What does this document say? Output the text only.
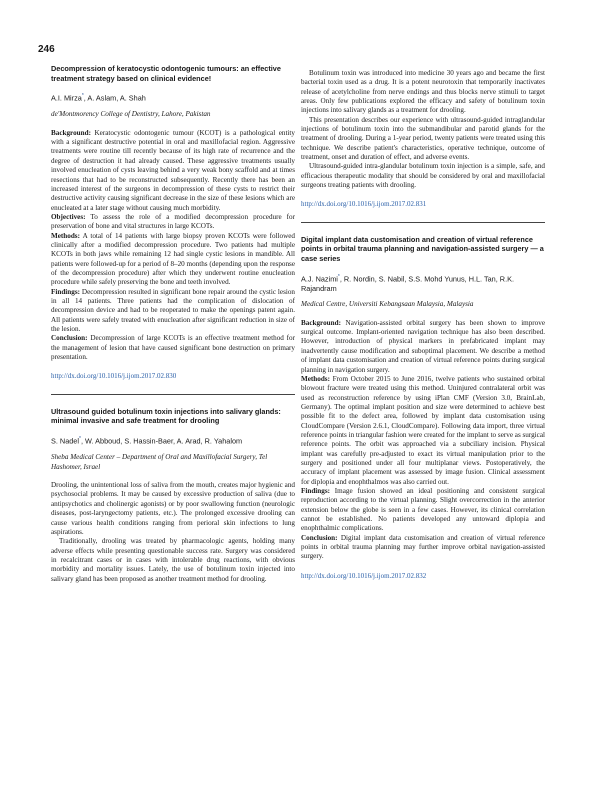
246
Decompression of keratocystic odontogenic tumours: an effective treatment strategy based on clinical evidence!
A.I. Mirza*, A. Aslam, A. Shah
de'Montmorency College of Dentistry, Lahore, Pakistan

Background: Keratocystic odontogenic tumour (KCOT) is a pathological entity with a significant destructive potential in oral and maxillofacial region. Aggressive treatments were routine till recently because of its high rate of recurrence and the degree of destruction it had already caused. These aggressive treatments usually involved enucleation of cysts leaving behind a very weak bony scaffold and at times resections that had to be reconstructed subsequently. Recently there has been an increased interest of the surgeons in decompression of these cysts to restrict their destructive activity causing significant decrease in the size of these lesions which are enucleated at a later stage without causing much morbidity.

Objectives: To assess the role of a modified decompression procedure for preservation of bone and vital structures in large KCOTs.

Methods: A total of 14 patients with large biopsy proven KCOTs were followed clinically after a modified decompression procedure. Two patients had multiple KCOTs in both jaws while remaining 12 had single cystic lesions in mandible. All patients were followed-up for a period of 8–20 months (depending upon the response of the decompression procedure) after which they underwent routine enucleation procedure while safely preserving the bone and teeth involved.

Findings: Decompression resulted in significant bone repair around the cystic lesion in all 14 patients. Three patients had the complication of dislocation of decompression device and had to be reoperated to make the openings patent again. All patients were safely treated with enucleation after significant reduction in size of the lesion.

Conclusion: Decompression of large KCOTs is an effective treatment method for the management of lesion that have caused significant bone destruction on primary presentation.

http://dx.doi.org/10.1016/j.ijom.2017.02.830
Ultrasound guided botulinum toxin injections into salivary glands: minimal invasive and safe treatment for drooling
S. Nadel*, W. Abboud, S. Hassin-Baer, A. Arad, R. Yahalom
Sheba Medical Center – Department of Oral and Maxillofacial Surgery, Tel Hashomer, Israel

Drooling, the unintentional loss of saliva from the mouth, creates major hygienic and psychosocial problems. It may be caused by excessive production of saliva (due to antipsychotics and cholinergic agonists) or by poor swallowing function (neurologic diseases, post-laryngectomy patients, etc.). The prolonged excessive drooling can cause various health conditions ranging from perioral skin infections to lung aspirations.

Traditionally, drooling was treated by pharmacologic agents, holding many adverse effects while presenting questionable success rate. Surgery was considered in recalcitrant cases or in cases with intolerable drug reactions, with obvious morbidity and mortality issues. Lately, the use of botulinum toxin injected into salivary gland has been proposed as another treatment method for drooling.

Botulinum toxin was introduced into medicine 30 years ago and became the first bacterial toxin used as a drug. It is a potent neurotoxin that temporarily inactivates release of acetylcholine from nerve endings and thus blocks nerve stimuli to target areas. Only few publications explored the efficacy and safety of botulinum toxin injections into salivary glands as a treatment for drooling.

This presentation describes our experience with ultrasound-guided intraglandular injections of botulinum toxin into the submandibular and parotid glands for the treatment of drooling. During a 1-year period, twenty patients were treated using this technique. We describe patient's characteristics, operative technique, outcome of treatment, onset and duration of effect, and adverse events.

Ultrasound-guided intra-glandular botulinum toxin injection is a simple, safe, and efficacious therapeutic modality that should be considered by oral and maxillofacial surgeons treating patients with drooling.

http://dx.doi.org/10.1016/j.ijom.2017.02.831
Digital implant data customisation and creation of virtual reference points in orbital trauma planning and navigation-assisted surgery — a case series
A.J. Nazimi*, R. Nordin, S. Nabil, S.S. Mohd Yunus, H.L. Tan, R.K. Rajandram
Medical Centre, Universiti Kebangsaan Malaysia, Malaysia

Background: Navigation-assisted orbital surgery has been shown to improve surgical outcome. Implant-oriented navigation technique has also been described. However, introduction of physical markers in prefabricated implant may inadvertently cause modification and suboptimal placement. We describe a method of implant data customisation and creation of virtual reference points during surgical planning in navigation surgery.

Methods: From October 2015 to June 2016, twelve patients who sustained orbital blowout fracture were treated using this method. Uninjured contralateral orbit was used as reconstruction reference by using iPlan CMF (Version 3.0, BrainLab, Germany). The optimal implant position and size were determined to achieve best possible fit to the defect area, followed by implant data customisation using CloudCompare (Version 2.6.1, CloudCompare). Following data import, three virtual reference points in triangular fashion were created for the implant to serve as surgical reference points. The orbit was approached via a subciliary incision. Physical implant was carefully pre-adjusted to exact its virtual manipulation prior to the surgery and positioned under all four multiplanar views. Postoperatively, the accuracy of implant placement was assessed by image fusion. Clinical assessment for diplopia and enophthalmos was also carried out.

Findings: Image fusion showed an ideal positioning and consistent surgical reproduction according to the virtual planning. Slight overcorrection in the anterior extension below the globe is seen in a few cases. However, its clinical correlation cannot be established. No patients developed any untoward diplopia and enophthalmic complications.

Conclusion: Digital implant data customisation and creation of virtual reference points in orbital trauma planning may further improve orbital navigation-assisted surgery.

http://dx.doi.org/10.1016/j.ijom.2017.02.832
